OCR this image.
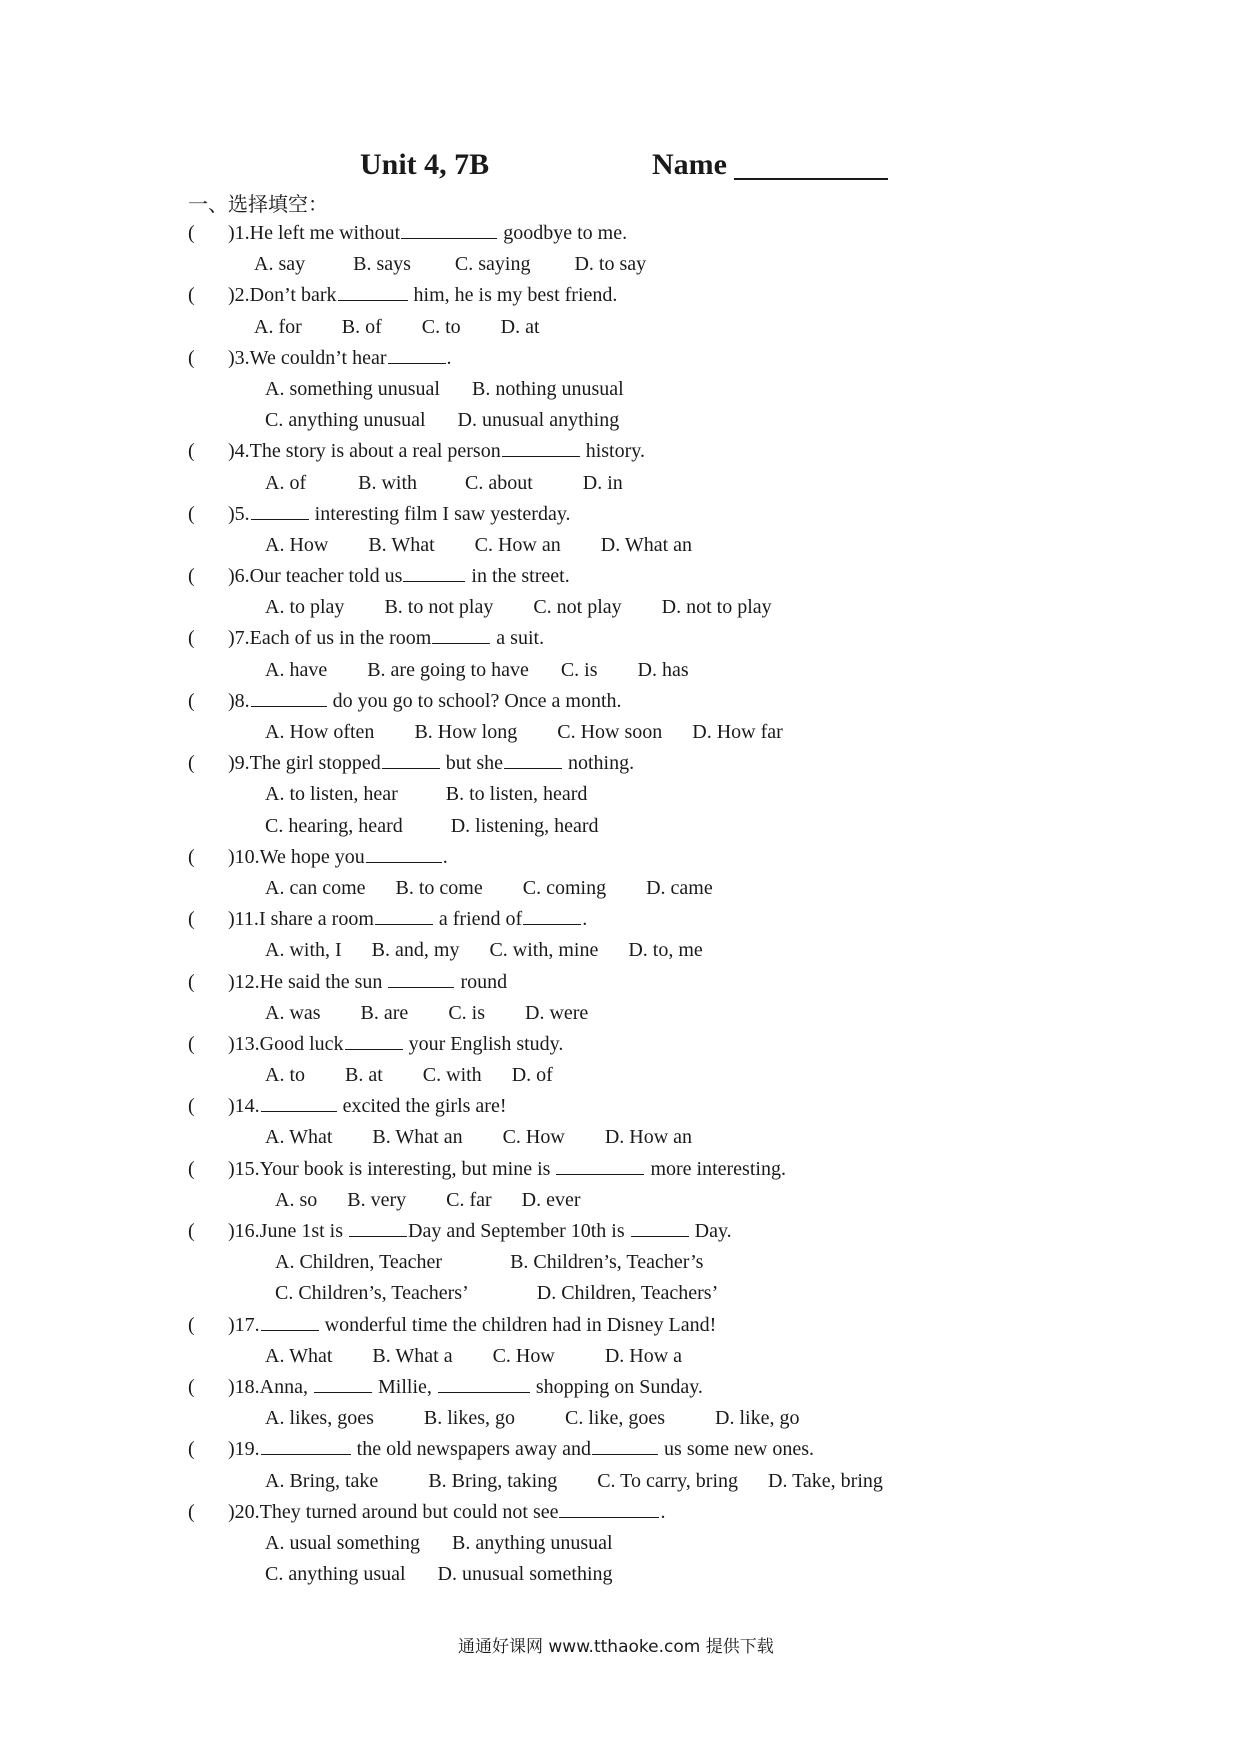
Unit 4, 7B	Name
一、选择填空：
( )1.He left me without	goodbye to me.
A. say B. says C. saying D. to say
( )2.Don’t bark	him, he is my best friend.
A. for B. of C. to D. at
( )3.We couldn’t hear	.
A. something unusual B. nothing unusual
C. anything unusual D. unusual anything
( )4.The story is about a real person	history.
A. of	B. with C. about	D. in
( )5.	interesting film I saw yesterday.
A. How B. What C. How an D. What an
( )6.Our teacher told us	in the street.
A. to play B. to not play C. not play D. not to play
( )7.Each of us in the room	a suit.
A. have B. are going to have C. is D. has
( )8.	do you go to school? Once a month.
A. How often B. How long C. How soon D. How far
( )9.The girl stopped	but she	nothing.
A. to listen, hear B. to listen, heard
C. hearing, heard D. listening, heard
( )10.We hope you	.
A. can come B. to come C. coming D. came
( )11.I share a room	a friend of	.
A. with, I B. and, my C. with, mine D. to, me
( )12.He said the sun	round
A. was B. are C. is D. were
( )13.Good luck	your English study.
A. to B. at C. with D. of
( )14.	excited the girls are!
A. What B. What an C. How D. How an
( )15.Your book is interesting, but mine is	more interesting.
A. so B. very C. far D. ever
( )16.June 1st is	Day and September 10th is	Day.
A. Children, Teacher	B. Children’s, Teacher’s
C. Children’s, Teachers’	D. Children, Teachers’
( )17.	wonderful time the children had in Disney Land!
A. What B. What a C. How	D. How a
( )18.Anna,	Millie,	shopping on Sunday.
A. likes, goes	B. likes, go	C. like, goes	D. like, go
( )19.	the old newspapers away and	us some new ones.
A. Bring, take	B. Bring, taking C. To carry, bring D. Take, bring
( )20.They turned around but could not see	.
A. usual something B. anything unusual
C. anything usual D. unusual something
通通好课网 www.tthaoke.com 提供下载
